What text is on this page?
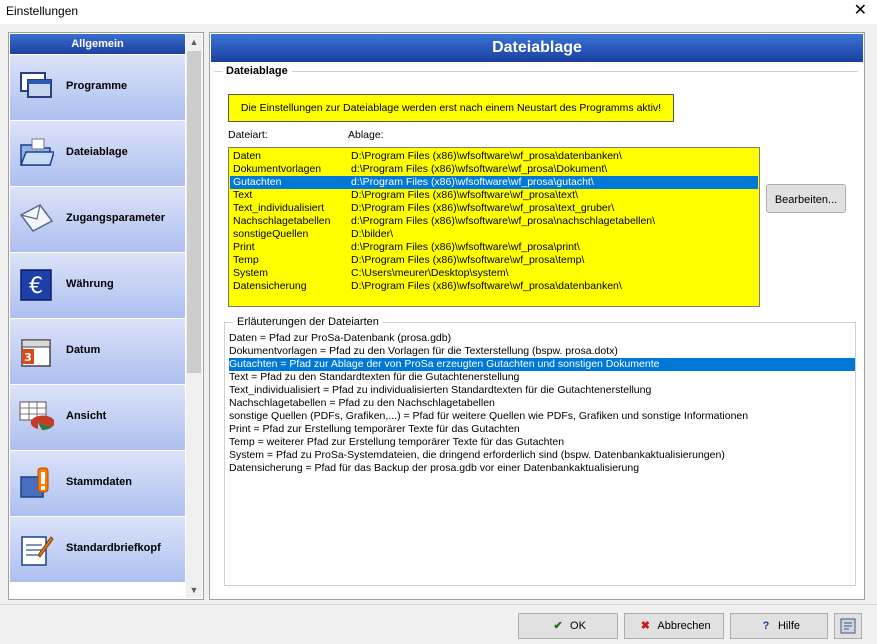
Einstellungen	✕
Allgemein
Programme
Dateiablage
Zugangsparameter
€ Währung
3
Datum
Ansicht
Stammdaten
Standardbriefkopf
▲
▼
Dateiablage
Dateiablage
Die Einstellungen zur Dateiablage werden erst nach einem Neustart des Programms aktiv!
Dateiart:	Ablage:
Daten	D:\Program Files (x86)\wfsoftware\wf_prosa\datenbanken\
Dokumentvorlagen	d:\Program Files (x86)\wfsoftware\wf_prosa\Dokument\
Gutachten	d:\Program Files (x86)\wfsoftware\wf_prosa\gutacht\
Text	D:\Program Files (x86)\wfsoftware\wf_prosa\text\
Text_individualisiert	D:\Program Files (x86)\wfsoftware\wf_prosa\text_gruber\
Nachschlagetabellen d:\Program Files (x86)\wfsoftware\wf_prosa\nachschlagetabellen\
sonstigeQuellen	D:\bilder\
Print	d:\Program Files (x86)\wfsoftware\wf_prosa\print\
Temp	D:\Program Files (x86)\wfsoftware\wf_prosa\temp\
System	C:\Users\meurer\Desktop\system\
Datensicherung	D:\Program Files (x86)\wfsoftware\wf_prosa\datenbanken\
Bearbeiten...
Erläuterungen der Dateiarten
Daten = Pfad zur ProSa-Datenbank (prosa.gdb)
Dokumentvorlagen = Pfad zu den Vorlagen für die Texterstellung (bspw. prosa.dotx)
Gutachten = Pfad zur Ablage der von ProSa erzeugten Gutachten und sonstigen Dokumente
Text = Pfad zu den Standardtexten für die Gutachtenerstellung
Text_individualisiert = Pfad zu individualisierten Standardtexten für die Gutachtenerstellung
Nachschlagetabellen = Pfad zu den Nachschlagetabellen
sonstige Quellen (PDFs, Grafiken,...) = Pfad für weitere Quellen wie PDFs, Grafiken und sonstige Informationen
Print = Pfad zur Erstellung temporärer Texte für das Gutachten
Temp = weiterer Pfad zur Erstellung temporärer Texte für das Gutachten
System = Pfad zu ProSa-Systemdateien, die dringend erforderlich sind (bspw. Datenbankaktualisierungen)
Datensicherung = Pfad für das Backup der prosa.gdb vor einer Datenbankaktualisierung
✔ OK	✖ Abbrechen	? Hilfe
